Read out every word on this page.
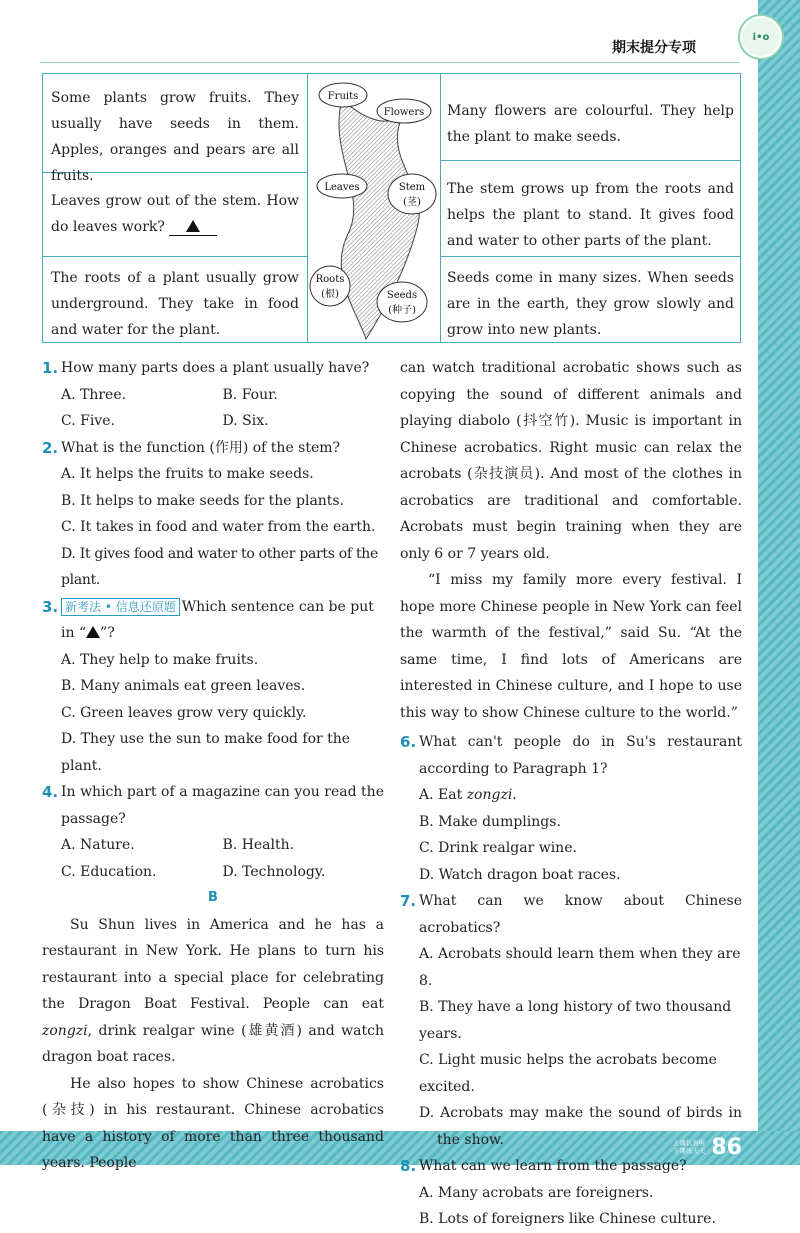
期末提分专项
i•o
上课认真听
下课练天天 86
Some plants grow fruits. They usually have seeds in them. Apples, oranges and pears are all fruits.
Leaves grow out of the stem. How do leaves work?
The roots of a plant usually grow underground. They take in food and water for the plant.
Many flowers are colourful. They help the plant to make seeds.
The stem grows up from the roots and helps the plant to stand. It gives food and water to other parts of the plant.
Seeds come in many sizes. When seeds are in the earth, they grow slowly and grow into new plants.
Fruits
Flowers
Leaves	Stem
(茎)
Roots
(根)	Seeds
(种子)
1. How many parts does a plant usually have?
A. Three.	B. Four.
C. Five.	D. Six.
2. What is the function (作用) of the stem?
A. It helps the fruits to make seeds.
B. It helps to make seeds for the plants.
C. It takes in food and water from the earth.
D. It gives food and water to other parts of the plant.
3. 新考法 • 信息还原题 Which sentence can be put
in “ ”?
A. They help to make fruits.
B. Many animals eat green leaves.
C. Green leaves grow very quickly.
D. They use the sun to make food for the plant.
4. In which part of a magazine can you read the passage?
A. Nature.	B. Health.
C. Education.	D. Technology.
B
Su Shun lives in America and he has a restaurant in New York. He plans to turn his restaurant into a special place for celebrating the Dragon Boat Festival. People can eat zongzi, drink realgar wine (雄黄酒) and watch dragon boat races.
He also hopes to show Chinese acrobatics (杂技) in his restaurant. Chinese acrobatics have a history of more than three thousand years. People
can watch traditional acrobatic shows such as copying the sound of different animals and playing diabolo (抖空竹). Music is important in Chinese acrobatics. Right music can relax the acrobats (杂技演员). And most of the clothes in acrobatics are traditional and comfortable. Acrobats must begin training when they are only 6 or 7 years old.
“I miss my family more every festival. I hope more Chinese people in New York can feel the warmth of the festival,” said Su. “At the same time, I find lots of Americans are interested in Chinese culture, and I hope to use this way to show Chinese culture to the world.”
6. What can't people do in Su's restaurant according to Paragraph 1?
A. Eat zongzi.
B. Make dumplings.
C. Drink realgar wine.
D. Watch dragon boat races.
7. What can we know about Chinese acrobatics?
A. Acrobats should learn them when they are 8.
B. They have a long history of two thousand years.
C. Light music helps the acrobats become excited.
D. Acrobats may make the sound of birds in the show.
8. What can we learn from the passage?
A. Many acrobats are foreigners.
B. Lots of foreigners like Chinese culture.
